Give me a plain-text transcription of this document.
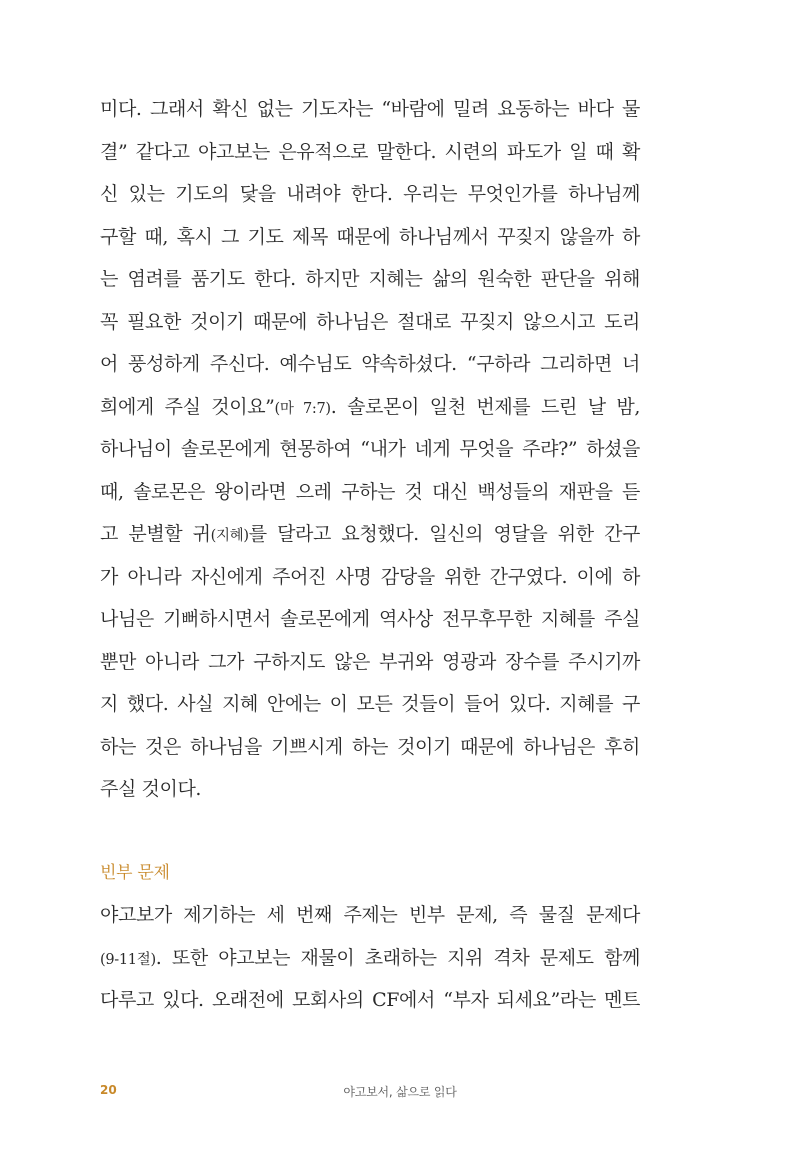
미다. 그래서 확신 없는 기도자는 “바람에 밀려 요동하는 바다 물
결” 같다고 야고보는 은유적으로 말한다. 시련의 파도가 일 때 확
신 있는 기도의 닻을 내려야 한다. 우리는 무엇인가를 하나님께
구할 때, 혹시 그 기도 제목 때문에 하나님께서 꾸짖지 않을까 하
는 염려를 품기도 한다. 하지만 지혜는 삶의 원숙한 판단을 위해
꼭 필요한 것이기 때문에 하나님은 절대로 꾸짖지 않으시고 도리
어 풍성하게 주신다. 예수님도 약속하셨다. “구하라 그리하면 너
희에게 주실 것이요”(마 7:7). 솔로몬이 일천 번제를 드린 날 밤,
하나님이 솔로몬에게 현몽하여 “내가 네게 무엇을 주랴?” 하셨을
때, 솔로몬은 왕이라면 으레 구하는 것 대신 백성들의 재판을 듣
고 분별할 귀(지혜)를 달라고 요청했다. 일신의 영달을 위한 간구
가 아니라 자신에게 주어진 사명 감당을 위한 간구였다. 이에 하
나님은 기뻐하시면서 솔로몬에게 역사상 전무후무한 지혜를 주실
뿐만 아니라 그가 구하지도 않은 부귀와 영광과 장수를 주시기까
지 했다. 사실 지혜 안에는 이 모든 것들이 들어 있다. 지혜를 구
하는 것은 하나님을 기쁘시게 하는 것이기 때문에 하나님은 후히
주실 것이다.
빈부 문제
야고보가 제기하는 세 번째 주제는 빈부 문제, 즉 물질 문제다
(9-11절). 또한 야고보는 재물이 초래하는 지위 격차 문제도 함께
다루고 있다. 오래전에 모회사의 CF에서 “부자 되세요”라는 멘트
20	야고보서, 삶으로 읽다
